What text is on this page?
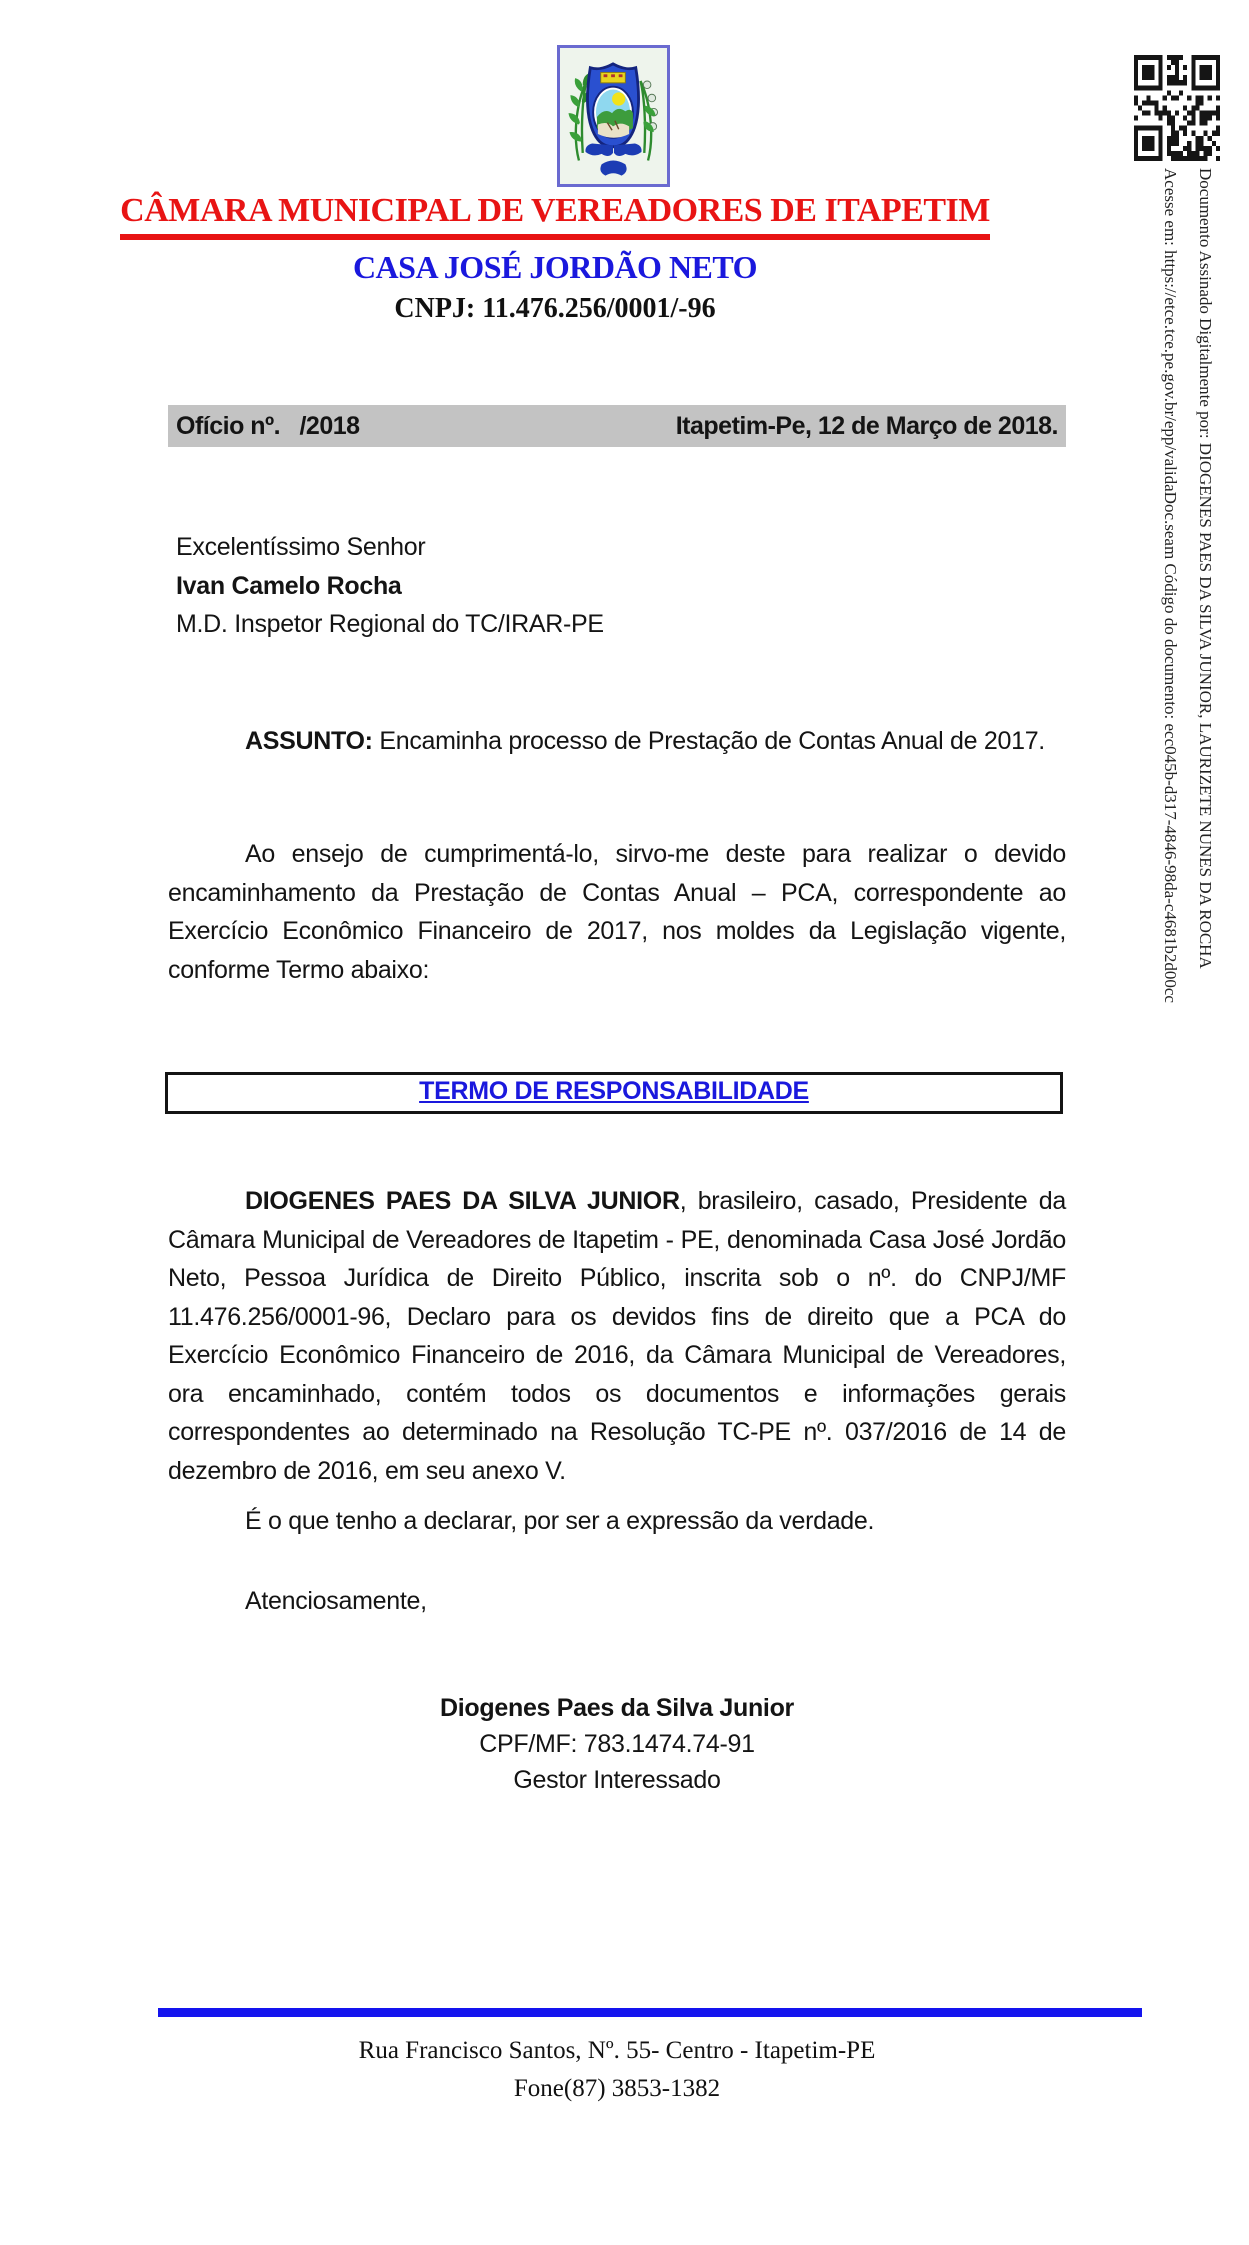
Documento Assinado Digitalmente por: DIOGENES PAES DA SILVA JUNIOR, LAURIZETE NUNES DA ROCHA
Acesse em: https://etce.tce.pe.gov.br/epp/validaDoc.seam Código do documento: ecc045b-d317-4846-98da-c4681b2d00cc
CÂMARA MUNICIPAL DE VEREADORES DE ITAPETIM
CASA JOSÉ JORDÃO NETO
CNPJ: 11.476.256/0001/-96
Ofício nº.   /2018	Itapetim-Pe, 12 de Março de 2018.
Excelentíssimo Senhor
Ivan Camelo Rocha
M.D. Inspetor Regional do TC/IRAR-PE
ASSUNTO: Encaminha processo de Prestação de Contas Anual de 2017.
Ao ensejo de cumprimentá-lo, sirvo-me deste para realizar o devido encaminhamento da Prestação de Contas Anual – PCA, correspondente ao Exercício Econômico Financeiro de 2017, nos moldes da Legislação vigente, conforme Termo abaixo:
TERMO DE RESPONSABILIDADE
DIOGENES PAES DA SILVA JUNIOR, brasileiro, casado, Presidente da Câmara Municipal de Vereadores de Itapetim - PE, denominada Casa José Jordão Neto, Pessoa Jurídica de Direito Público, inscrita sob o nº. do CNPJ/MF 11.476.256/0001-96, Declaro para os devidos fins de direito que a PCA do Exercício Econômico Financeiro de 2016, da Câmara Municipal de Vereadores, ora encaminhado, contém todos os documentos e informações gerais correspondentes ao determinado na Resolução TC-PE nº. 037/2016 de 14 de dezembro de 2016, em seu anexo V.
É o que tenho a declarar, por ser a expressão da verdade.
Atenciosamente,
Diogenes Paes da Silva Junior
CPF/MF: 783.1474.74-91
Gestor Interessado
Rua Francisco Santos, Nº. 55- Centro - Itapetim-PE
Fone(87) 3853-1382
